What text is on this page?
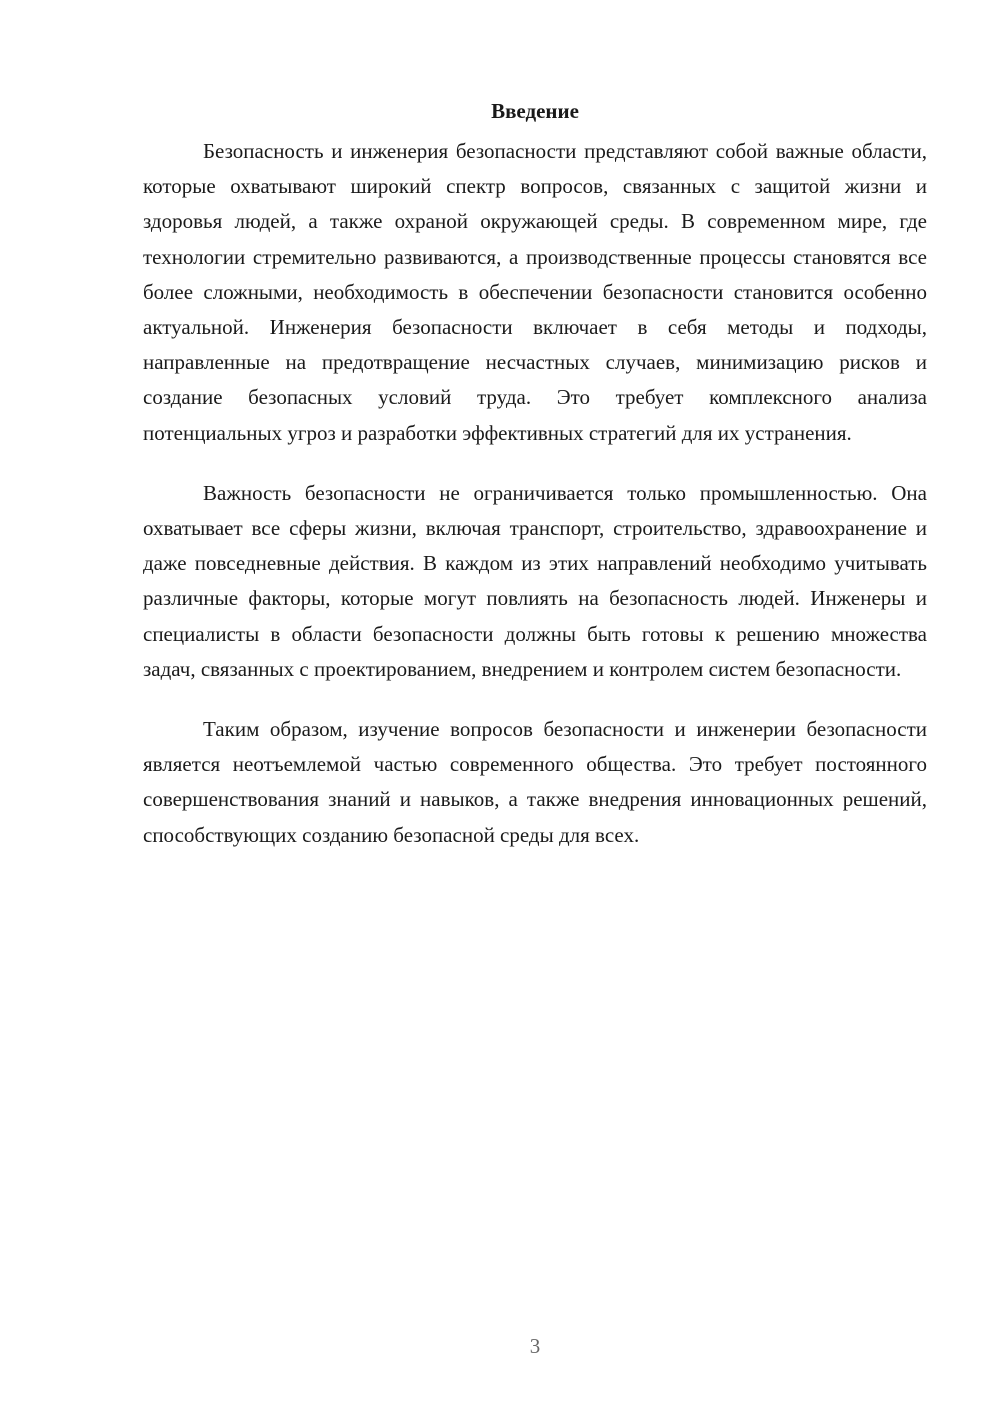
Введение

Безопасность и инженерия безопасности представляют собой важные области, которые охватывают широкий спектр вопросов, связанных с защитой жизни и здоровья людей, а также охраной окружающей среды. В современном мире, где технологии стремительно развиваются, а производственные процессы становятся все более сложными, необходимость в обеспечении безопасности становится особенно актуальной. Инженерия безопасности включает в себя методы и подходы, направленные на предотвращение несчастных случаев, минимизацию рисков и создание безопасных условий труда. Это требует комплексного анализа потенциальных угроз и разработки эффективных стратегий для их устранения.

Важность безопасности не ограничивается только промышленностью. Она охватывает все сферы жизни, включая транспорт, строительство, здравоохранение и даже повседневные действия. В каждом из этих направлений необходимо учитывать различные факторы, которые могут повлиять на безопасность людей. Инженеры и специалисты в области безопасности должны быть готовы к решению множества задач, связанных с проектированием, внедрением и контролем систем безопасности.

Таким образом, изучение вопросов безопасности и инженерии безопасности является неотъемлемой частью современного общества. Это требует постоянного совершенствования знаний и навыков, а также внедрения инновационных решений, способствующих созданию безопасной среды для всех.

3
